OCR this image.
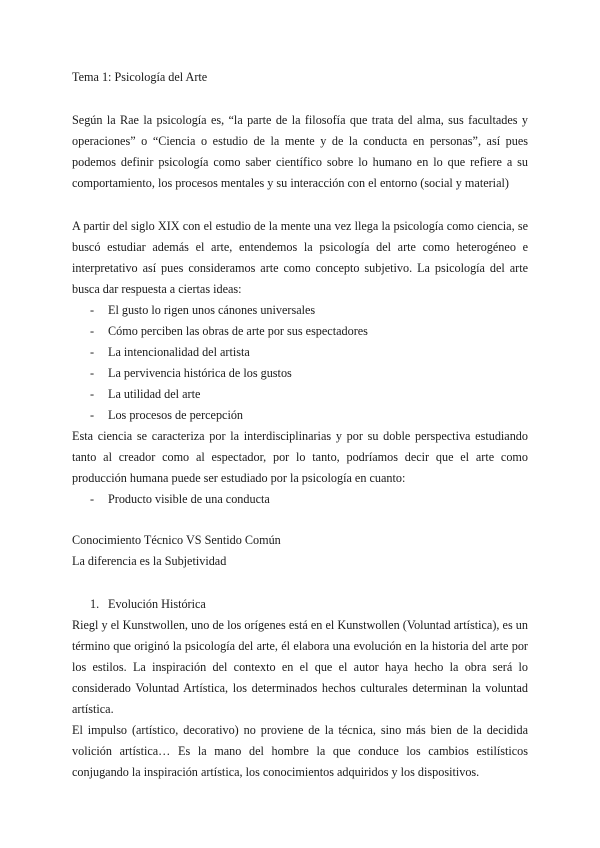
Tema 1: Psicología del Arte

Según la Rae la psicología es, “la parte de la filosofía que trata del alma, sus facultades y operaciones” o “Ciencia o estudio de la mente y de la conducta en personas”, así pues podemos definir psicología como saber científico sobre lo humano en lo que refiere a su comportamiento, los procesos mentales y su interacción con el entorno (social y material)

A partir del siglo XIX con el estudio de la mente una vez llega la psicología como ciencia, se buscó estudiar además el arte, entendemos la psicología del arte como heterogéneo e interpretativo así pues consideramos arte como concepto subjetivo. La psicología del arte busca dar respuesta a ciertas ideas:

- El gusto lo rigen unos cánones universales
- Cómo perciben las obras de arte por sus espectadores
- La intencionalidad del artista
- La pervivencia histórica de los gustos
- La utilidad del arte
- Los procesos de percepción

Esta ciencia se caracteriza por la interdisciplinarias y por su doble perspectiva estudiando tanto al creador como al espectador, por lo tanto, podríamos decir que el arte como producción humana puede ser estudiado por la psicología en cuanto:

- Producto visible de una conducta

Conocimiento Técnico VS Sentido Común

La diferencia es la Subjetividad

1. Evolución Histórica

Riegl y el Kunstwollen, uno de los orígenes está en el Kunstwollen (Voluntad artística), es un término que originó la psicología del arte, él elabora una evolución en la historia del arte por los estilos. La inspiración del contexto en el que el autor haya hecho la obra será lo considerado Voluntad Artística, los determinados hechos culturales determinan la voluntad artística.

El impulso (artístico, decorativo) no proviene de la técnica, sino más bien de la decidida volición artística… Es la mano del hombre la que conduce los cambios estilísticos conjugando la inspiración artística, los conocimientos adquiridos y los dispositivos.
